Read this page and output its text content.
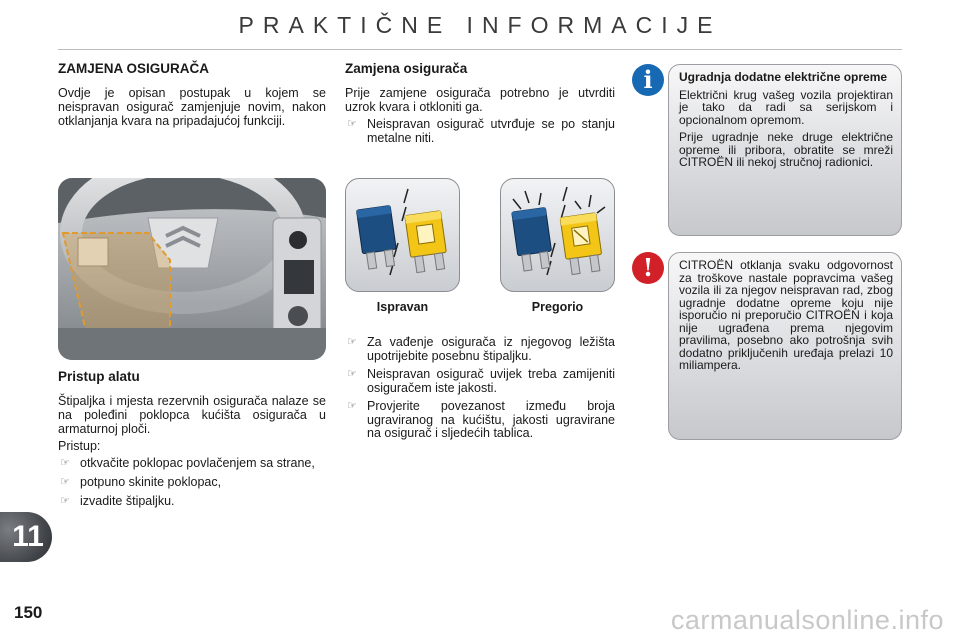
PRAKTIČNE INFORMACIJE
ZAMJENA OSIGURAČA

Ovdje je opisan postupak u kojem se neispravan osigurač zamjenjuje novim, nakon otklanjanja kvara na pripadajućoj funkciji.

Pristup alatu

Štipaljka i mjesta rezervnih osigurača nalaze se na poleđini poklopca kućišta osigurača u armaturnoj ploči.

Pristup:

☞ otkvačite poklopac povlačenjem sa strane,
☞ potpuno skinite poklopac,
☞ izvadite štipaljku.
Zamjena osigurača

Prije zamjene osigurača potrebno je utvrditi uzrok kvara i otkloniti ga.

☞ Neispravan osigurač utvrđuje se po stanju metalne niti.
Ispravan	Pregorio
☞ Za vađenje osigurača iz njegovog ležišta upotrijebite posebnu štipaljku.
☞ Neispravan osigurač uvijek treba zamijeniti osiguračem iste jakosti.
☞ Provjerite povezanost između broja ugraviranog na kućištu, jakosti ugravirane na osigurač i sljedećih tablica.
i	Ugradnja dodatne električne opreme

Električni krug vašeg vozila projektiran je tako da radi sa serijskom i opcionalnom opremom.

Prije ugradnje neke druge električne opreme ili pribora, obratite se mreži CITROËN ili nekoj stručnoj radionici.

!	CITROËN otklanja svaku odgovornost za troškove nastale popravcima vašeg vozila ili za njegov neispravan rad, zbog ugradnje dodatne opreme koju nije isporučio ni preporučio CITROËN i koja nije ugrađena prema njegovim pravilima, posebno ako potrošnja svih dodatno priključenih uređaja prelazi 10 miliampera.

11
150	carmanualsonline.info
